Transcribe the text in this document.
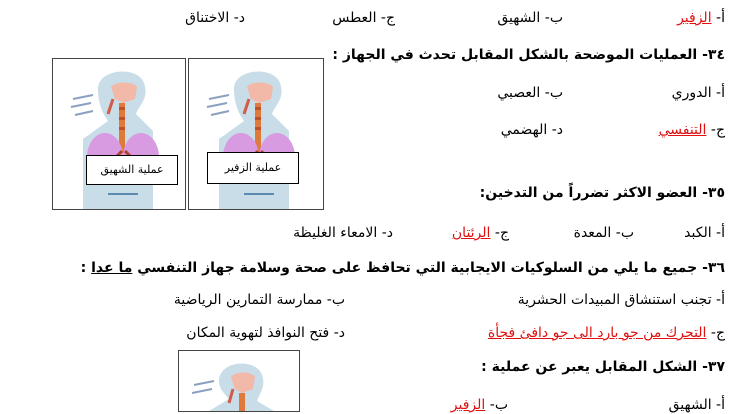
أ- الزفير
ب- الشهيق
ج- العطس
د- الاختناق
٣٤- العمليات الموضحة بالشكل المقابل تحدث في الجهاز :
أ- الدوري
ب- العصبي
ج- التنفسي
د- الهضمي
عملية الزفير
عملية الشهيق
٣٥- العضو الاكثر تضرراً من التدخين:
أ- الكبد
ب- المعدة
ج- الرئتان
د- الامعاء الغليظة
٣٦- جميع ما يلي من السلوكيات الايجابية التي تحافظ على صحة وسلامة جهاز التنفسي ما عدا :
أ- تجنب استنشاق المبيدات الحشرية
ب- ممارسة التمارين الرياضية
ج- التحرك من جو بارد الى جو دافئ فجأة
د- فتح النوافذ لتهوية المكان
٣٧- الشكل المقابل يعبر عن عملية :
أ- الشهيق
ب- الزفير
